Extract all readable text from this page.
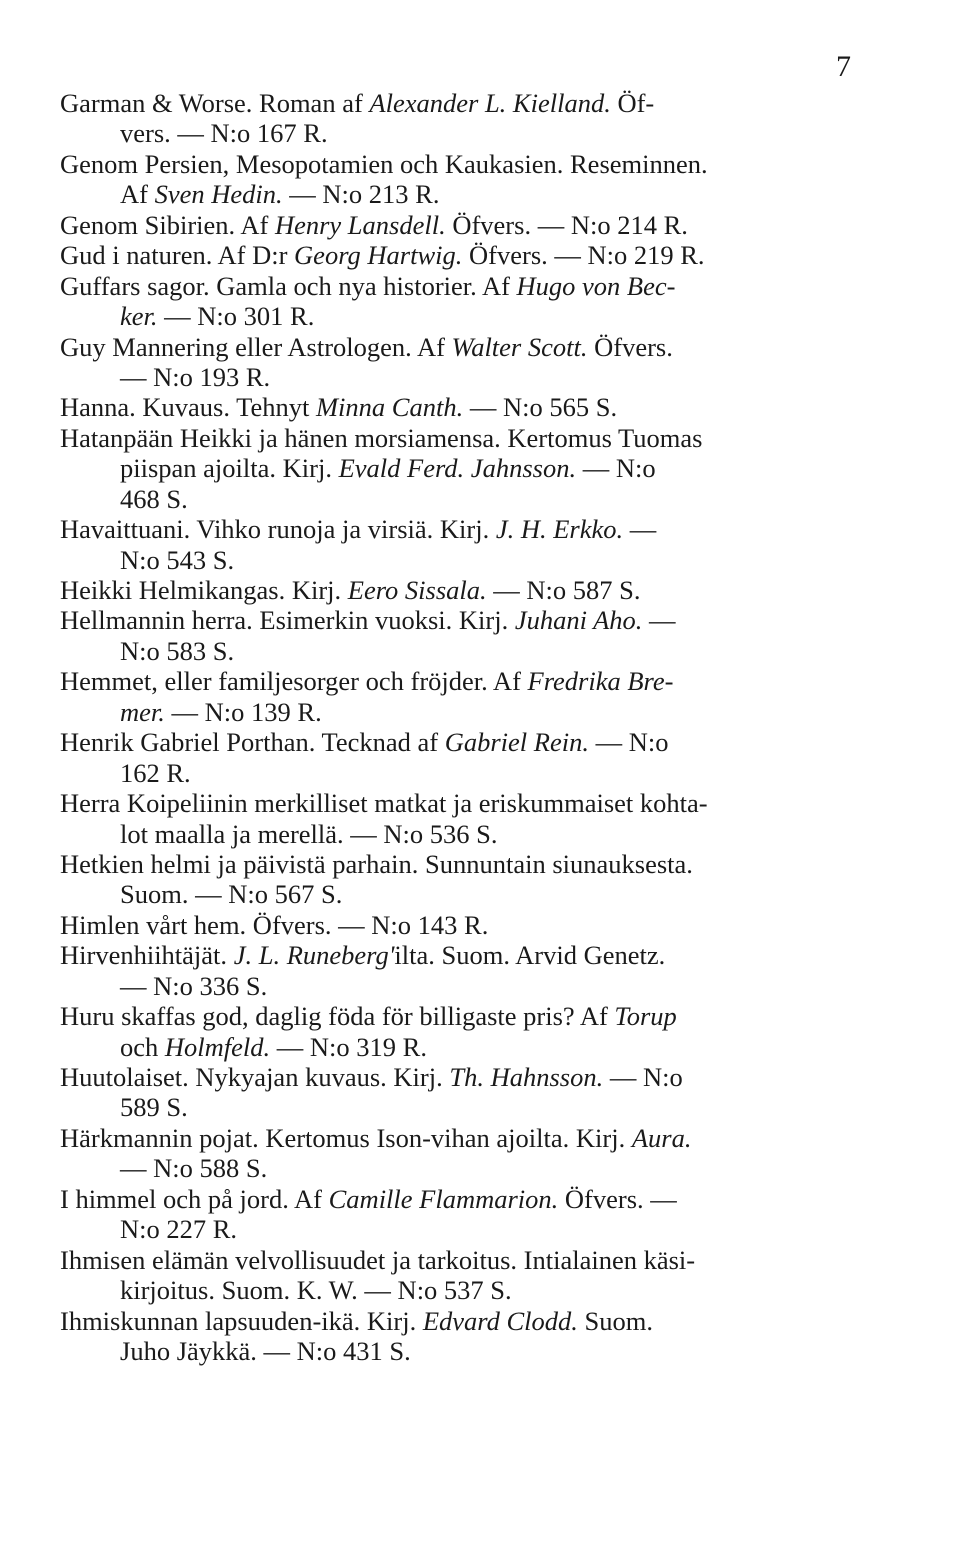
7
Garman & Worse. Roman af Alexander L. Kielland. Öf-
vers. — N:o 167 R.
Genom Persien, Mesopotamien och Kaukasien. Reseminnen.
Af Sven Hedin. — N:o 213 R.
Genom Sibirien. Af Henry Lansdell. Öfvers. — N:o 214 R.
Gud i naturen. Af D:r Georg Hartwig. Öfvers. — N:o 219 R.
Guffars sagor. Gamla och nya historier. Af Hugo von Bec-
ker. — N:o 301 R.
Guy Mannering eller Astrologen. Af Walter Scott. Öfvers.
— N:o 193 R.
Hanna. Kuvaus. Tehnyt Minna Canth. — N:o 565 S.
Hatanpään Heikki ja hänen morsiamensa. Kertomus Tuomas
piispan ajoilta. Kirj. Evald Ferd. Jahnsson. — N:o
468 S.
Havaittuani. Vihko runoja ja virsiä. Kirj. J. H. Erkko. —
N:o 543 S.
Heikki Helmikangas. Kirj. Eero Sissala. — N:o 587 S.
Hellmannin herra. Esimerkin vuoksi. Kirj. Juhani Aho. —
N:o 583 S.
Hemmet, eller familjesorger och fröjder. Af Fredrika Bre-
mer. — N:o 139 R.
Henrik Gabriel Porthan. Tecknad af Gabriel Rein. — N:o
162 R.
Herra Koipeliinin merkilliset matkat ja eriskummaiset kohta-
lot maalla ja merellä. — N:o 536 S.
Hetkien helmi ja päivistä parhain. Sunnuntain siunauksesta.
Suom. — N:o 567 S.
Himlen vårt hem. Öfvers. — N:o 143 R.
Hirvenhiihtäjät. J. L. Runeberg'ilta. Suom. Arvid Genetz.
— N:o 336 S.
Huru skaffas god, daglig föda för billigaste pris? Af Torup
och Holmfeld. — N:o 319 R.
Huutolaiset. Nykyajan kuvaus. Kirj. Th. Hahnsson. — N:o
589 S.
Härkmannin pojat. Kertomus Ison-vihan ajoilta. Kirj. Aura.
— N:o 588 S.
I himmel och på jord. Af Camille Flammarion. Öfvers. —
N:o 227 R.
Ihmisen elämän velvollisuudet ja tarkoitus. Intialainen käsi-
kirjoitus. Suom. K. W. — N:o 537 S.
Ihmiskunnan lapsuuden-ikä. Kirj. Edvard Clodd. Suom.
Juho Jäykkä. — N:o 431 S.
